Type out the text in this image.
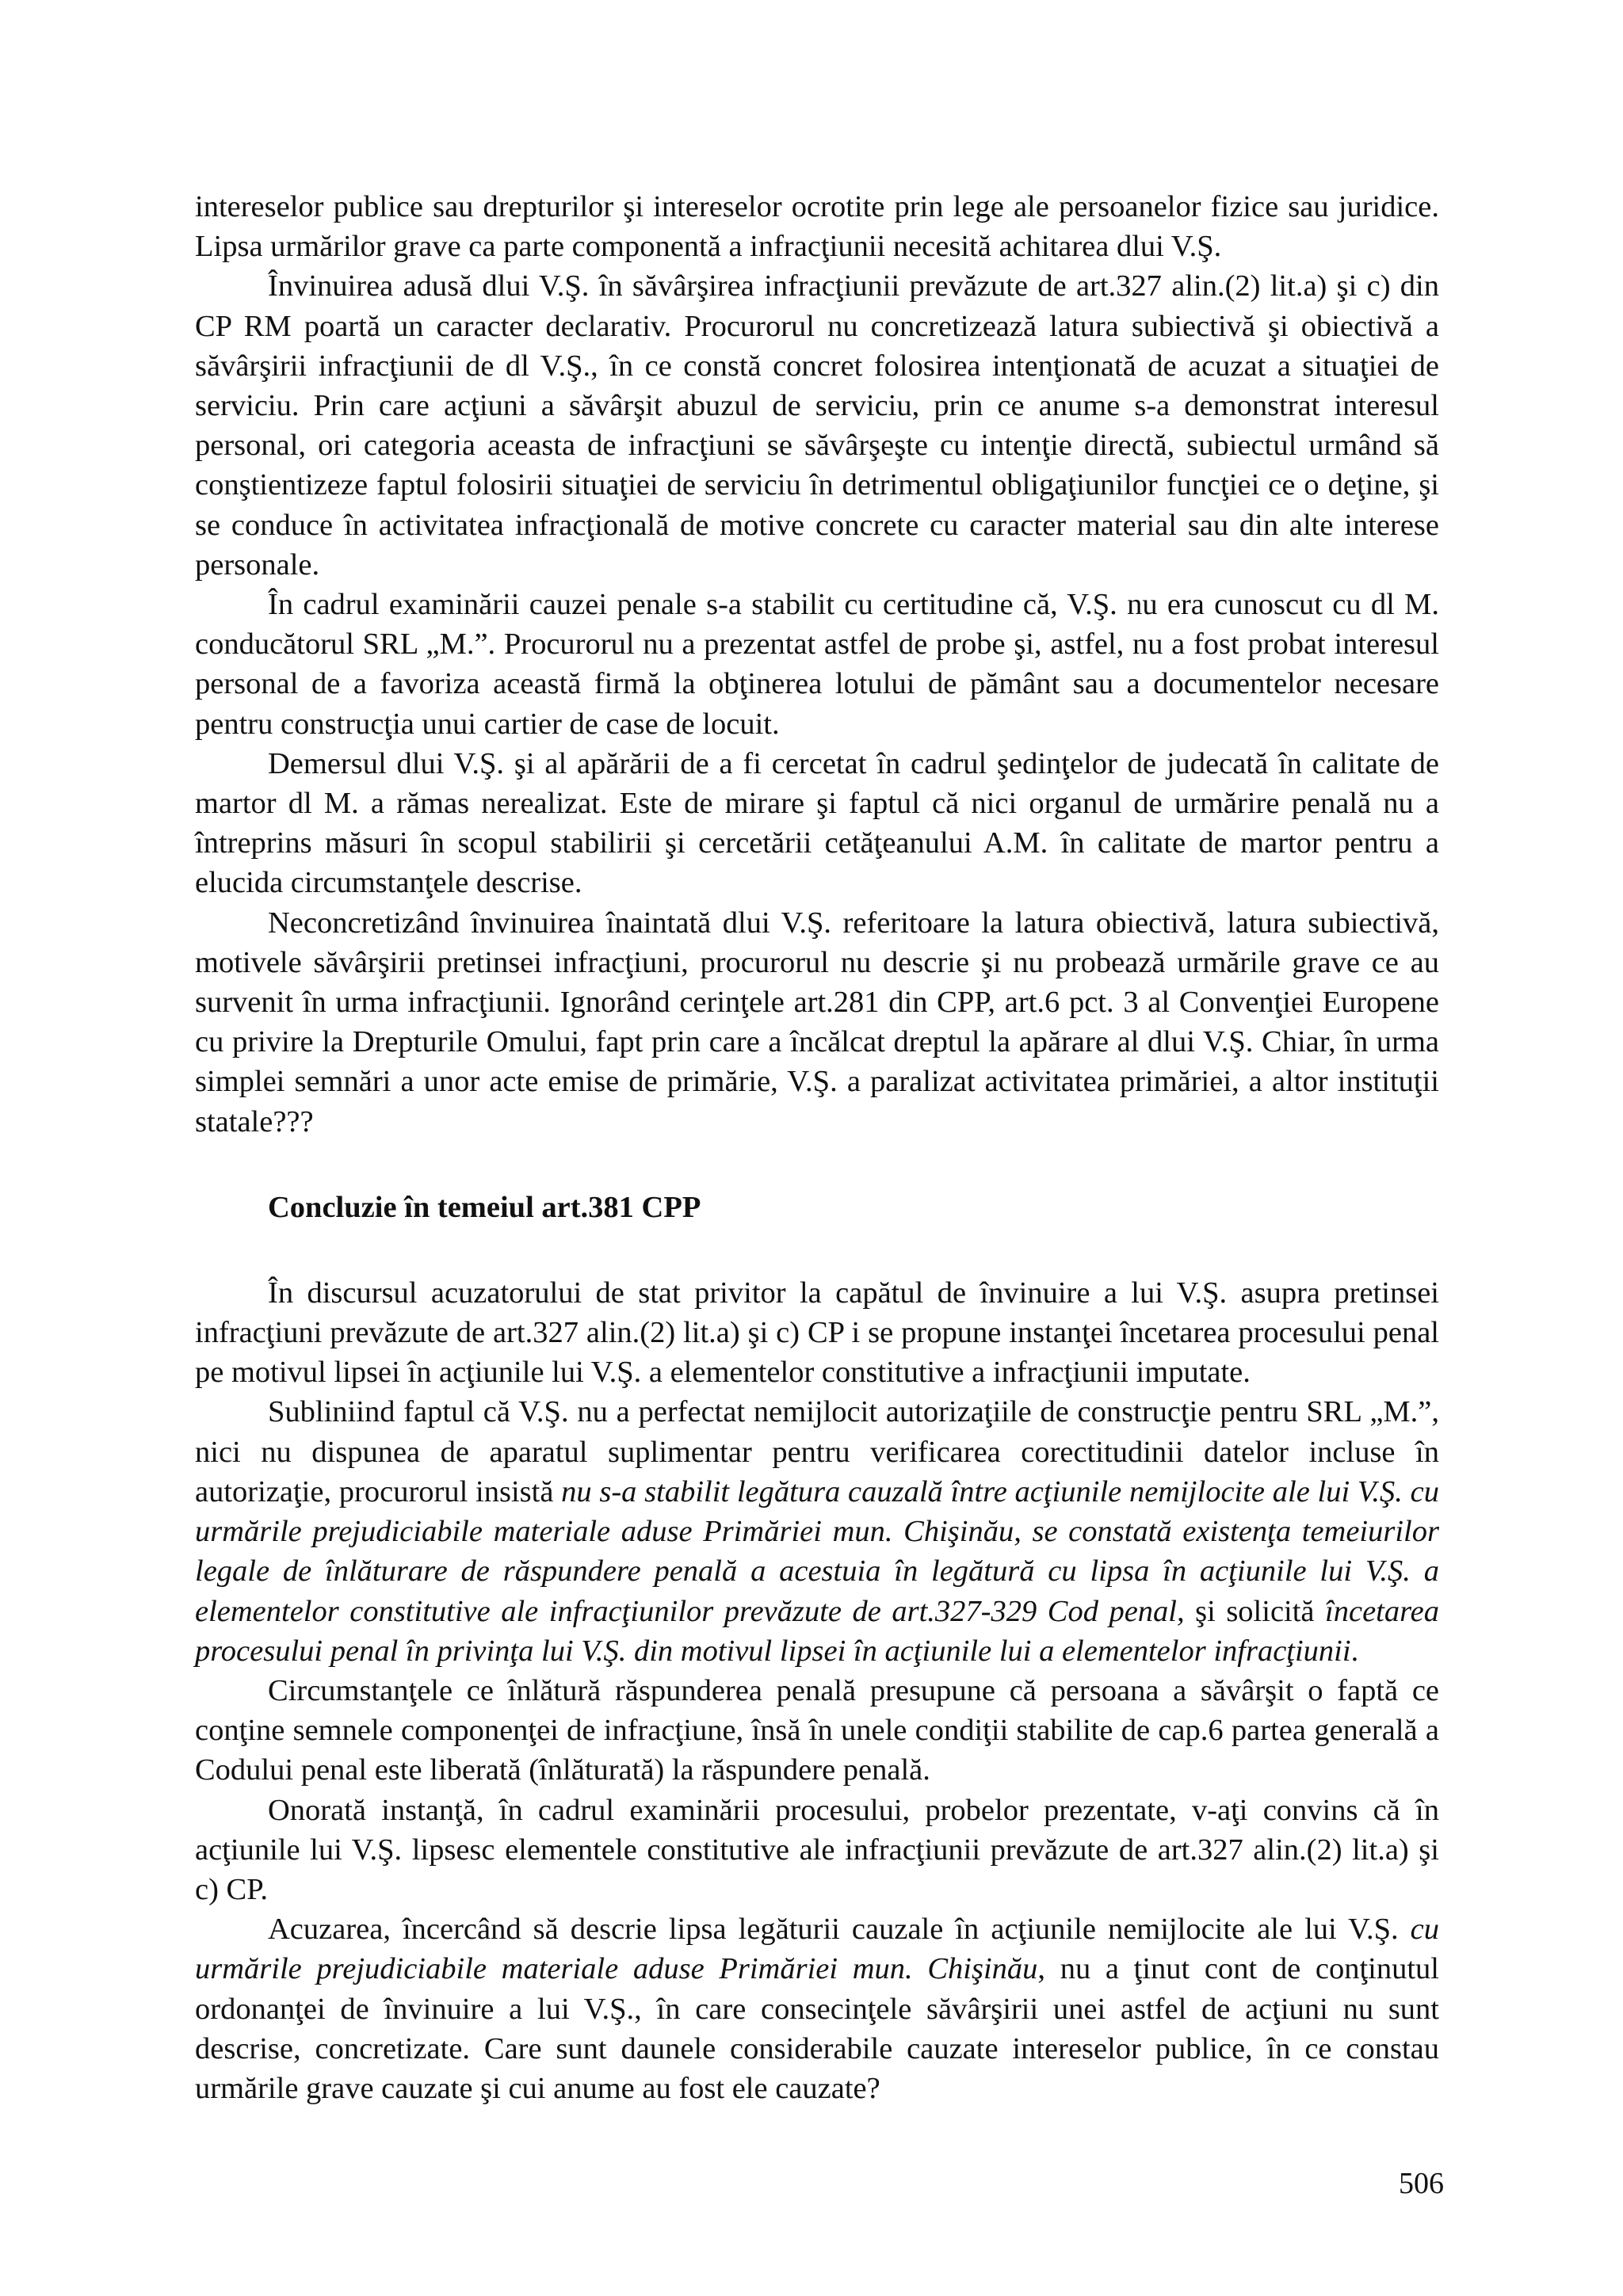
intereselor publice sau drepturilor şi intereselor ocrotite prin lege ale persoanelor fizice sau juridice. Lipsa urmărilor grave ca parte componentă a infracţiunii necesită achitarea dlui V.Ş.

Învinuirea adusă dlui V.Ş. în săvârşirea infracţiunii prevăzute de art.327 alin.(2) lit.a) şi c) din CP RM poartă un caracter declarativ. Procurorul nu concretizează latura subiectivă şi obiectivă a săvârşirii infracţiunii de dl V.Ş., în ce constă concret folosirea intenţionată de acuzat a situaţiei de serviciu. Prin care acţiuni a săvârşit abuzul de serviciu, prin ce anume s-a demonstrat interesul personal, ori categoria aceasta de infracţiuni se săvârşeşte cu intenţie directă, subiectul urmând să conştientizeze faptul folosirii situaţiei de serviciu în detrimentul obligaţiunilor funcţiei ce o deţine, şi se conduce în activitatea infracţională de motive concrete cu caracter material sau din alte interese personale.

În cadrul examinării cauzei penale s-a stabilit cu certitudine că, V.Ş. nu era cunoscut cu dl M. conducătorul SRL „M.”. Procurorul nu a prezentat astfel de probe şi, astfel, nu a fost probat interesul personal de a favoriza această firmă la obţinerea lotului de pământ sau a documentelor necesare pentru construcţia unui cartier de case de locuit.

Demersul dlui V.Ş. şi al apărării de a fi cercetat în cadrul şedinţelor de judecată în calitate de martor dl M. a rămas nerealizat. Este de mirare şi faptul că nici organul de urmărire penală nu a întreprins măsuri în scopul stabilirii şi cercetării cetăţeanului A.M. în calitate de martor pentru a elucida circumstanţele descrise.

Neconcretizând învinuirea înaintată dlui V.Ş. referitoare la latura obiectivă, latura subiectivă, motivele săvârşirii pretinsei infracţiuni, procurorul nu descrie şi nu probează urmările grave ce au survenit în urma infracţiunii. Ignorând cerinţele art.281 din CPP, art.6 pct. 3 al Convenţiei Europene cu privire la Drepturile Omului, fapt prin care a încălcat dreptul la apărare al dlui V.Ş. Chiar, în urma simplei semnări a unor acte emise de primărie, V.Ş. a paralizat activitatea primăriei, a altor instituţii statale???

Concluzie în temeiul art.381 CPP

În discursul acuzatorului de stat privitor la capătul de învinuire a lui V.Ş. asupra pretinsei infracţiuni prevăzute de art.327 alin.(2) lit.a) şi c) CP i se propune instanţei încetarea procesului penal pe motivul lipsei în acţiunile lui V.Ş. a elementelor constitutive a infracţiunii imputate.

Subliniind faptul că V.Ş. nu a perfectat nemijlocit autorizaţiile de construcţie pentru SRL „M.”, nici nu dispunea de aparatul suplimentar pentru verificarea corectitudinii datelor incluse în autorizaţie, procurorul insistă nu s-a stabilit legătura cauzală între acţiunile nemijlocite ale lui V.Ş. cu urmările prejudiciabile materiale aduse Primăriei mun. Chişinău, se constată existenţa temeiurilor legale de înlăturare de răspundere penală a acestuia în legătură cu lipsa în acţiunile lui V.Ş. a elementelor constitutive ale infracţiunilor prevăzute de art.327-329 Cod penal, şi solicită încetarea procesului penal în privinţa lui V.Ş. din motivul lipsei în acţiunile lui a elementelor infracţiunii.

Circumstanţele ce înlătură răspunderea penală presupune că persoana a săvârşit o faptă ce conţine semnele componenţei de infracţiune, însă în unele condiţii stabilite de cap.6 partea generală a Codului penal este liberată (înlăturată) la răspundere penală.

Onorată instanţă, în cadrul examinării procesului, probelor prezentate, v-aţi convins că în acţiunile lui V.Ş. lipsesc elementele constitutive ale infracţiunii prevăzute de art.327 alin.(2) lit.a) şi c) CP.

Acuzarea, încercând să descrie lipsa legăturii cauzale în acţiunile nemijlocite ale lui V.Ş. cu urmările prejudiciabile materiale aduse Primăriei mun. Chişinău, nu a ţinut cont de conţinutul ordonanţei de învinuire a lui V.Ş., în care consecinţele săvârşirii unei astfel de acţiuni nu sunt descrise, concretizate. Care sunt daunele considerabile cauzate intereselor publice, în ce constau urmările grave cauzate şi cui anume au fost ele cauzate?

506
